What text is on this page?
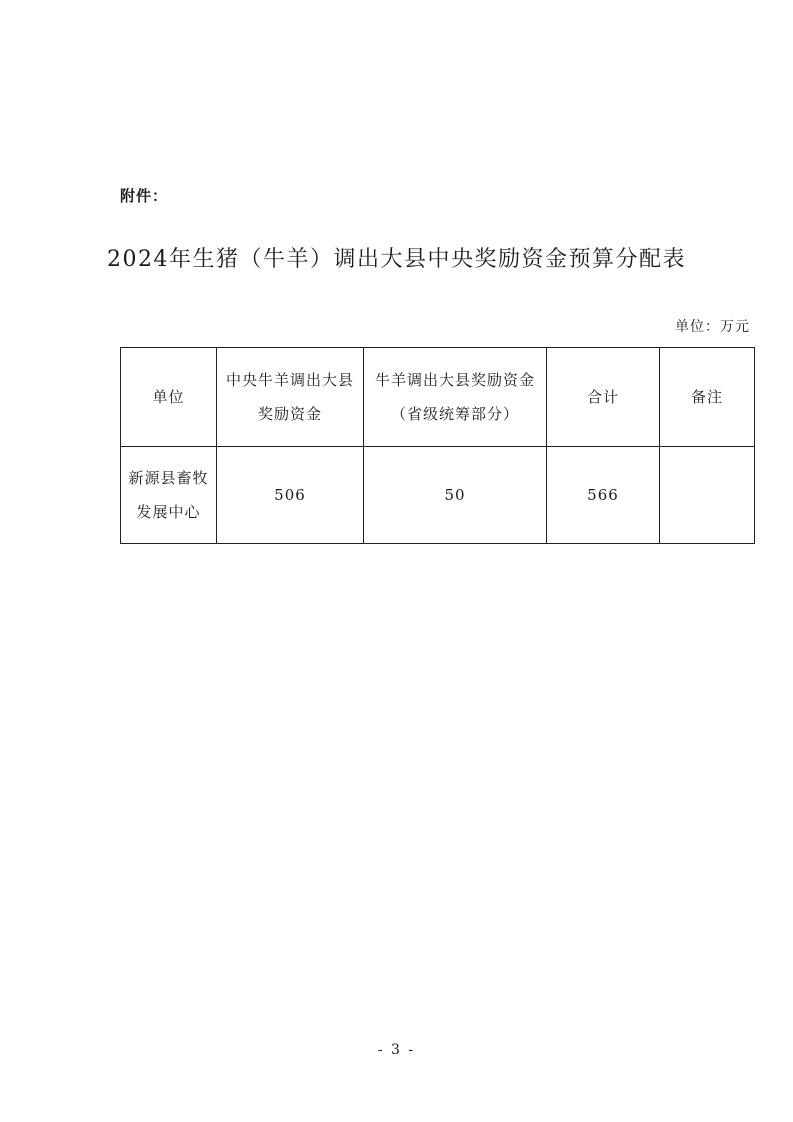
附件：
2024年生猪（牛羊）调出大县中央奖励资金预算分配表
单位：万元
单位	中央牛羊调出大县奖励资金	牛羊调出大县奖励资金（省级统筹部分）	合计	备注
新源县畜牧发展中心	506	50	566	
- 3 -
